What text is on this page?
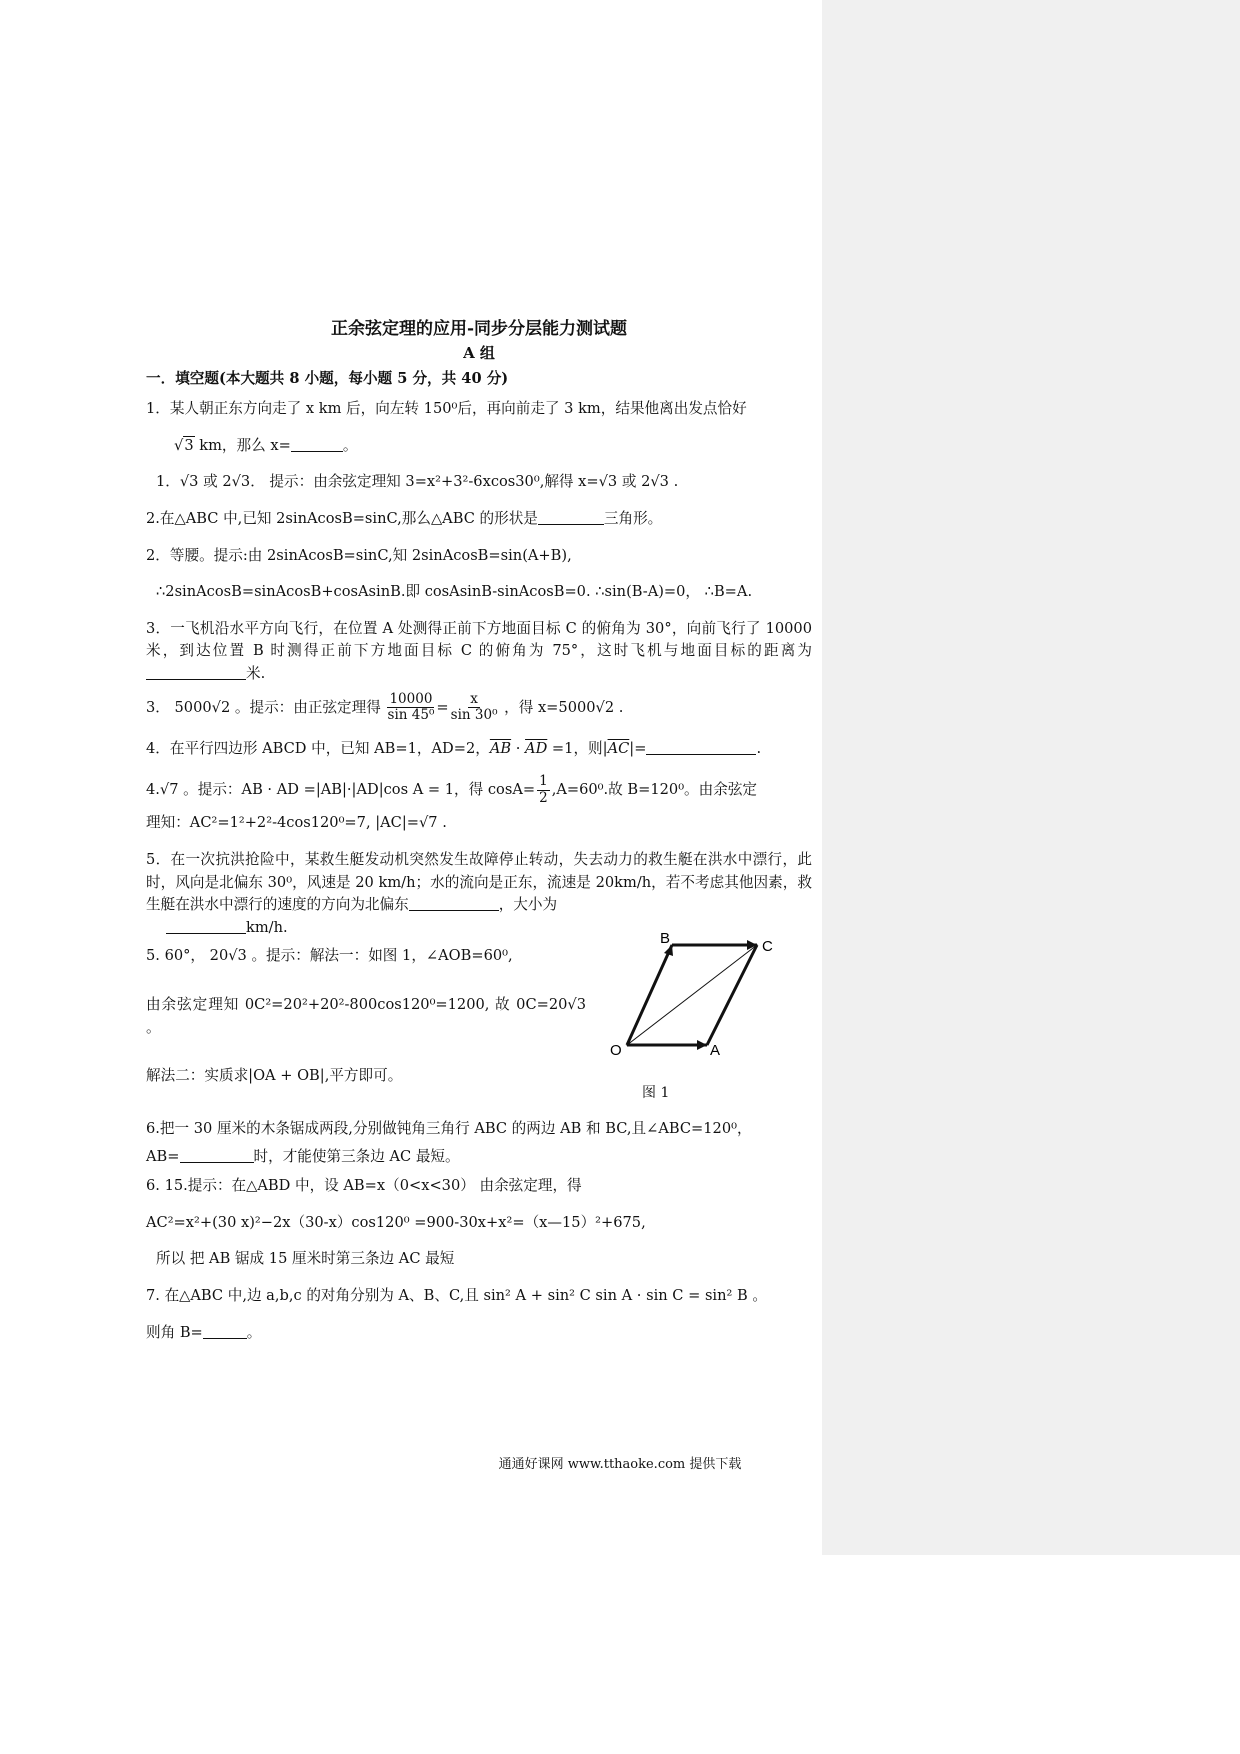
正余弦定理的应用-同步分层能力测试题

A 组

一．填空题(本大题共 8 小题，每小题 5 分，共 40 分)

1．某人朝正东方向走了 x km 后，向左转 150⁰后，再向前走了 3 km，结果他离出发点恰好

√3 km，那么 x=	。

1．√3 或 2√3． 提示：由余弦定理知 3=x²+3²-6xcos30⁰,解得 x=√3 或 2√3 .

2.在△ABC 中,已知 2sinAcosB=sinC,那么△ABC 的形状是	三角形。

2．等腰。提示:由 2sinAcosB=sinC,知 2sinAcosB=sin(A+B),

∴2sinAcosB=sinAcosB+cosAsinB.即 cosAsinB-sinAcosB=0. ∴sin(B-A)=0， ∴B=A.

3．一飞机沿水平方向飞行，在位置 A 处测得正前下方地面目标 C 的俯角为 30°，向前飞行了 10000 米，到达位置 B 时测得正前下方地面目标 C 的俯角为 75°，这时飞机与地面目标的距离为米.

3． 5000√2 。提示：由正弦定理得 $\frac{10000}{\text{sin 45⁰}} = \frac{x}{\text{sin 30⁰}}$ ，得 x=5000√2 .

4．在平行四边形 ABCD 中，已知 AB=1，AD=2，$\overline{AB} \cdot \overline{AD} =1$，则$|\overline{AC}|=$	.

4.√7 。提示：AB · AD =|AB|·|AD|cos A = 1，得 $\cos A= \frac{1}{2} ,A=60^0$.故 B=120⁰。由余弦定

理知：AC²=1²+2²-4cos120⁰=7, |AC|=√7 .

5．在一次抗洪抢险中，某救生艇发动机突然发生故障停止转动，失去动力的救生艇在洪水中漂行，此时，风向是北偏东 30⁰，风速是 20 km/h；水的流向是正东，流速是 20km/h，若不考虑其他因素，救生艇在洪水中漂行的速度的方向为北偏东	，大小为
km/h.

O	A
B	C
图 1

5. 60°， 20√3 。提示：解法一：如图 1，∠AOB=60⁰,

由余弦定理知 0C²=20²+20²-800cos120⁰=1200, 故 0C=20√3 。

解法二：实质求|OA + OB|,平方即可。

6.把一 30 厘米的木条锯成两段,分别做钝角三角行 ABC 的两边 AB 和 BC,且∠ABC=120⁰，

AB=	时，才能使第三条边 AC 最短。

6. 15.提示：在△ABD 中，设 AB=x（0<x<30） 由余弦定理，得

AC²=x²+(30 x)²−2x（30-x）cos120⁰ =900-30x+x²=（x—15）²+675,

所以 把 AB 锯成 15 厘米时第三条边 AC 最短

7. 在△ABC 中,边 a,b,c 的对角分别为 A、B、C,且 sin² A + sin² C sin A · sin C = sin² B 。

则角 B=	。

通通好课网 www.tthaoke.com 提供下载
